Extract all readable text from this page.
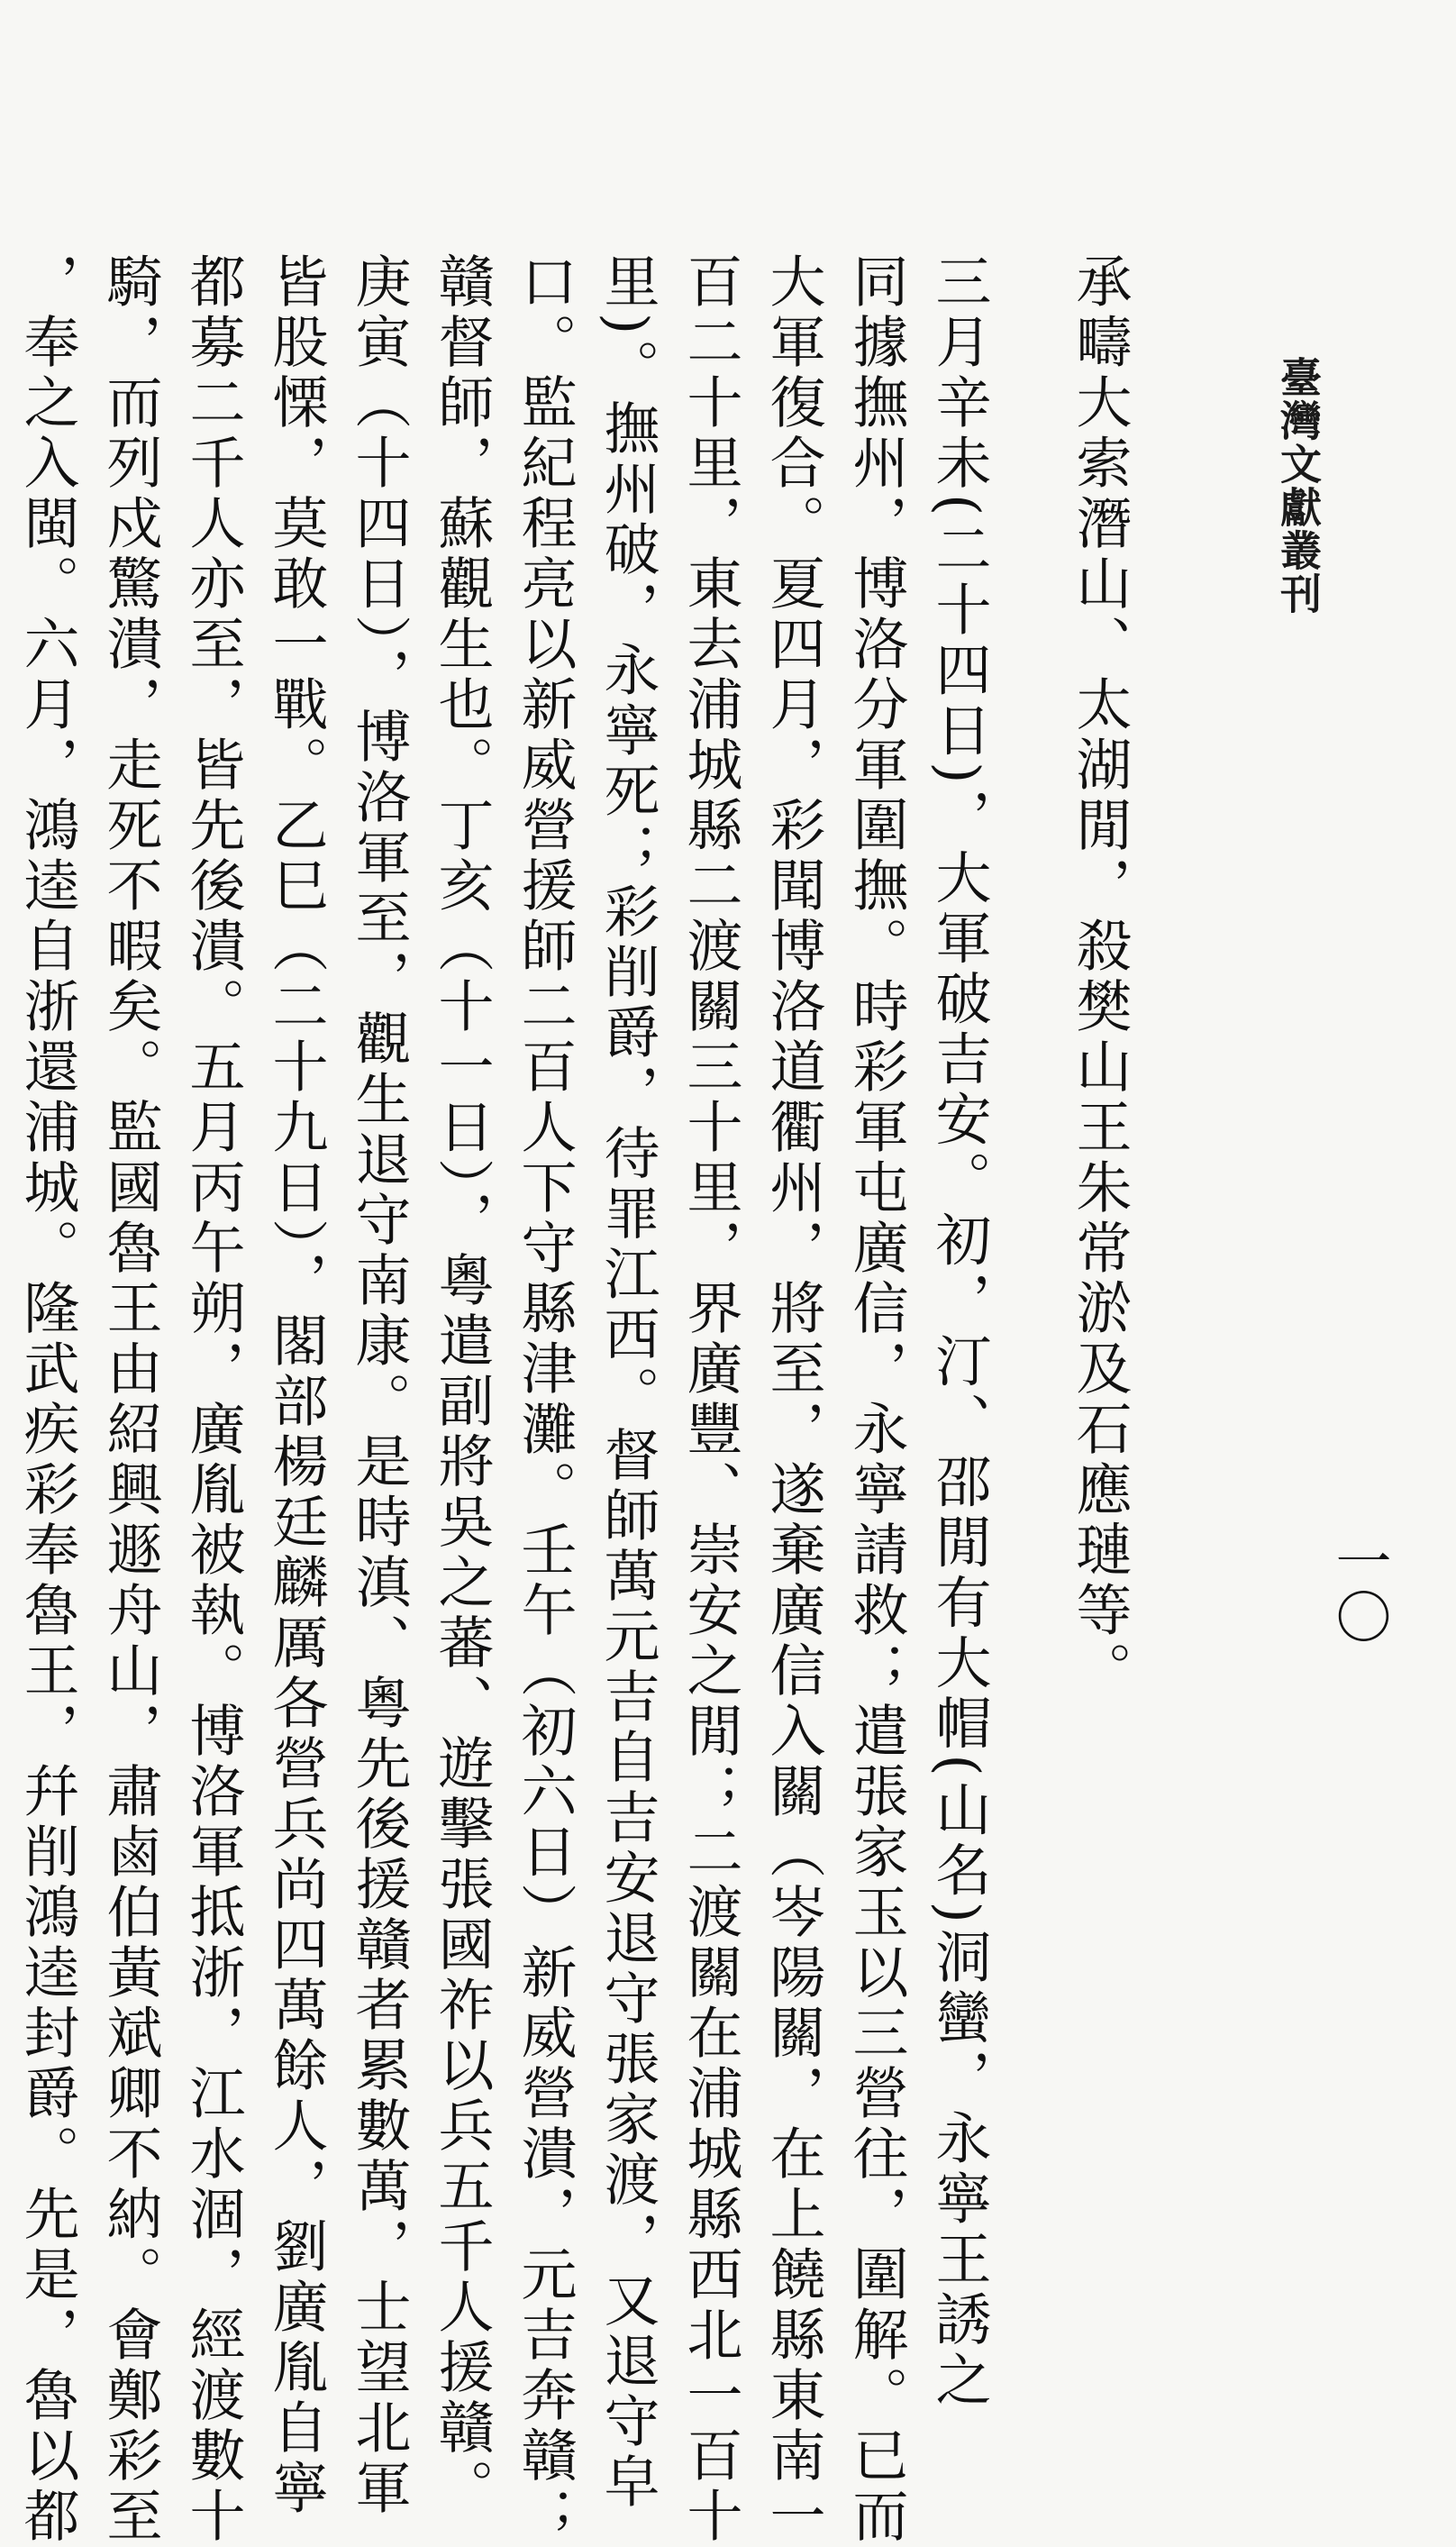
臺灣文獻叢刊
一〇
承疇大索潛山、太湖閒，殺樊山王朱常淤及石應璉等。
三月辛未(二十四日)，大軍破吉安。初，汀、邵閒有大帽(山名)洞蠻，永寧王誘之
同據撫州，博洛分軍圍撫。時彩軍屯廣信，永寧請救；遣張家玉以三營往，圍解。已而
大軍復合。夏四月，彩聞博洛道衢州，將至，遂棄廣信入關（岑陽關，在上饒縣東南一
百二十里，東去浦城縣二渡關三十里，界廣豐、崇安之閒；二渡關在浦城縣西北一百十
里)。撫州破，永寧死；彩削爵，待罪江西。督師萬元吉自吉安退守張家渡，又退守皁
口。監紀程亮以新威營援師二百人下守縣津灘。壬午（初六日）新威營潰，元吉奔贛；
贛督師，蘇觀生也。丁亥（十一日），粵遣副將吳之蕃、遊擊張國祚以兵五千人援贛。
庚寅（十四日），博洛軍至，觀生退守南康。是時滇、粵先後援贛者累數萬，士望北軍
皆股慄，莫敢一戰。乙巳（二十九日），閣部楊廷麟厲各營兵尚四萬餘人，劉廣胤自寧
都募二千人亦至，皆先後潰。五月丙午朔，廣胤被執。博洛軍抵浙，江水涸，經渡數十
騎，而列戍驚潰，走死不暇矣。監國魯王由紹興遯舟山，肅鹵伯黃斌卿不納。會鄭彩至
，奉之入閩。六月，鴻逵自浙還浦城。隆武疾彩奉魯王，幷削鴻逵封爵。先是，魯以都
